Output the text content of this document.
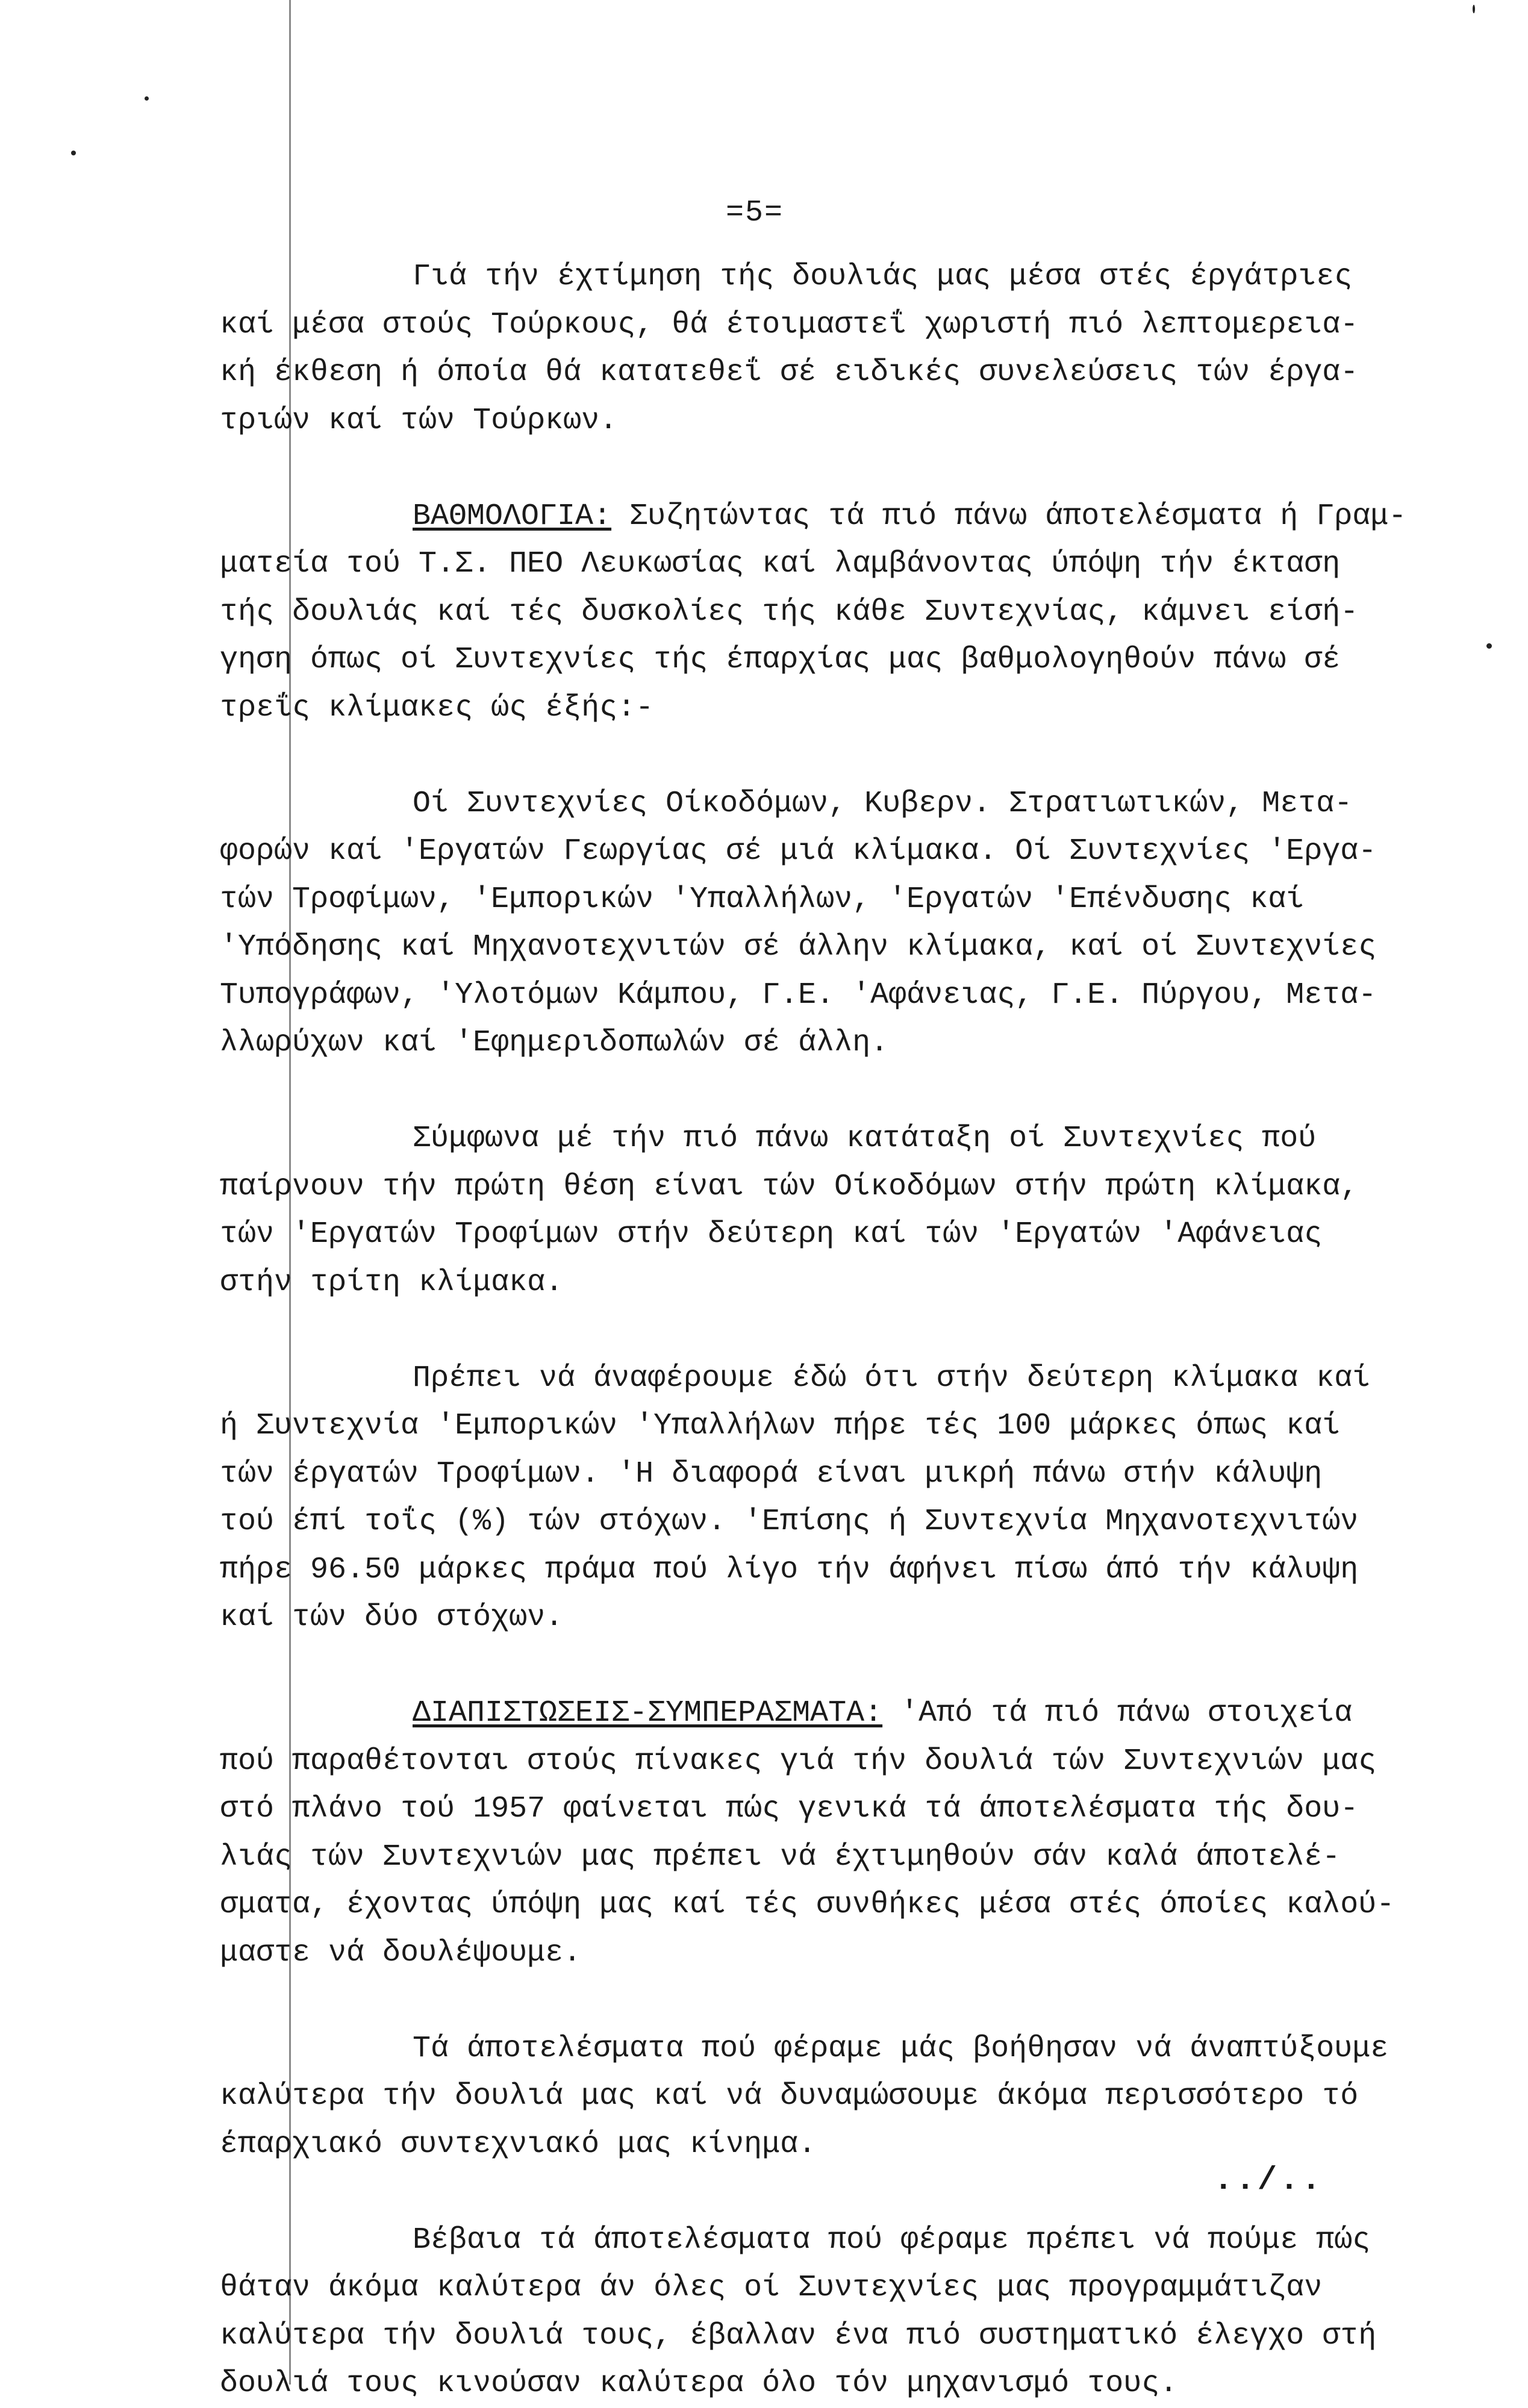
=5=
Γιά τήν έχτίμηση τής δουλιάς μας μέσα στές έργάτριες
καί μέσα στούς Τούρκους, θά έτοιμαστεΐ χωριστή πιό λεπτομερεια-
κή έκθεση ή όποία θά κατατεθεΐ σέ ειδικές συνελεύσεις τών έργα-
τριών καί τών Τούρκων.
ΒΑΘΜΟΛΟΓΙΑ: Συζητώντας τά πιό πάνω άποτελέσματα ή Γραμ-
ματεία τού Τ.Σ. ΠΕΟ Λευκωσίας καί λαμβάνοντας ύπόψη τήν έκταση
τής δουλιάς καί τές δυσκολίες τής κάθε Συντεχνίας, κάμνει είσή-
γηση όπως οί Συντεχνίες τής έπαρχίας μας βαθμολογηθούν πάνω σέ
τρεΐς κλίμακες ώς έξής:-
Οί Συντεχνίες Οίκοδόμων, Κυβερν. Στρατιωτικών, Μετα-
φορών καί 'Εργατών Γεωργίας σέ μιά κλίμακα. Οί Συντεχνίες 'Εργα-
τών Τροφίμων, 'Εμπορικών 'Υπαλλήλων, 'Εργατών 'Επένδυσης καί
'Υπόδησης καί Μηχανοτεχνιτών σέ άλλην κλίμακα, καί οί Συντεχνίες
Τυπογράφων, 'Υλοτόμων Κάμπου, Γ.Ε. 'Αφάνειας, Γ.Ε. Πύργου, Μετα-
λλωρύχων καί 'Εφημεριδοπωλών σέ άλλη.
Σύμφωνα μέ τήν πιό πάνω κατάταξη οί Συντεχνίες πού
παίρνουν τήν πρώτη θέση είναι τών Οίκοδόμων στήν πρώτη κλίμακα,
τών 'Εργατών Τροφίμων στήν δεύτερη καί τών 'Εργατών 'Αφάνειας
στήν τρίτη κλίμακα.
Πρέπει νά άναφέρουμε έδώ ότι στήν δεύτερη κλίμακα καί
ή Συντεχνία 'Εμπορικών 'Υπαλλήλων πήρε τές 100 μάρκες όπως καί
τών έργατών Τροφίμων. 'Η διαφορά είναι μικρή πάνω στήν κάλυψη
τού έπί τοΐς (%) τών στόχων. 'Επίσης ή Συντεχνία Μηχανοτεχνιτών
πήρε 96.50 μάρκες πράμα πού λίγο τήν άφήνει πίσω άπό τήν κάλυψη
καί τών δύο στόχων.
ΔΙΑΠΙΣΤΩΣΕΙΣ-ΣΥΜΠΕΡΑΣΜΑΤΑ: 'Από τά πιό πάνω στοιχεία
πού παραθέτονται στούς πίνακες γιά τήν δουλιά τών Συντεχνιών μας
στό πλάνο τού 1957 φαίνεται πώς γενικά τά άποτελέσματα τής δου-
λιάς τών Συντεχνιών μας πρέπει νά έχτιμηθούν σάν καλά άποτελέ-
σματα, έχοντας ύπόψη μας καί τές συνθήκες μέσα στές όποίες καλού-
μαστε νά δουλέψουμε.
Τά άποτελέσματα πού φέραμε μάς βοήθησαν νά άναπτύξουμε
καλύτερα τήν δουλιά μας καί νά δυναμώσουμε άκόμα περισσότερο τό
έπαρχιακό συντεχνιακό μας κίνημα.
Βέβαια τά άποτελέσματα πού φέραμε πρέπει νά πούμε πώς
θάταν άκόμα καλύτερα άν όλες οί Συντεχνίες μας προγραμμάτιζαν
καλύτερα τήν δουλιά τους, έβαλλαν ένα πιό συστηματικό έλεγχο στή
δουλιά τους κινούσαν καλύτερα όλο τόν μηχανισμό τους.
../..
